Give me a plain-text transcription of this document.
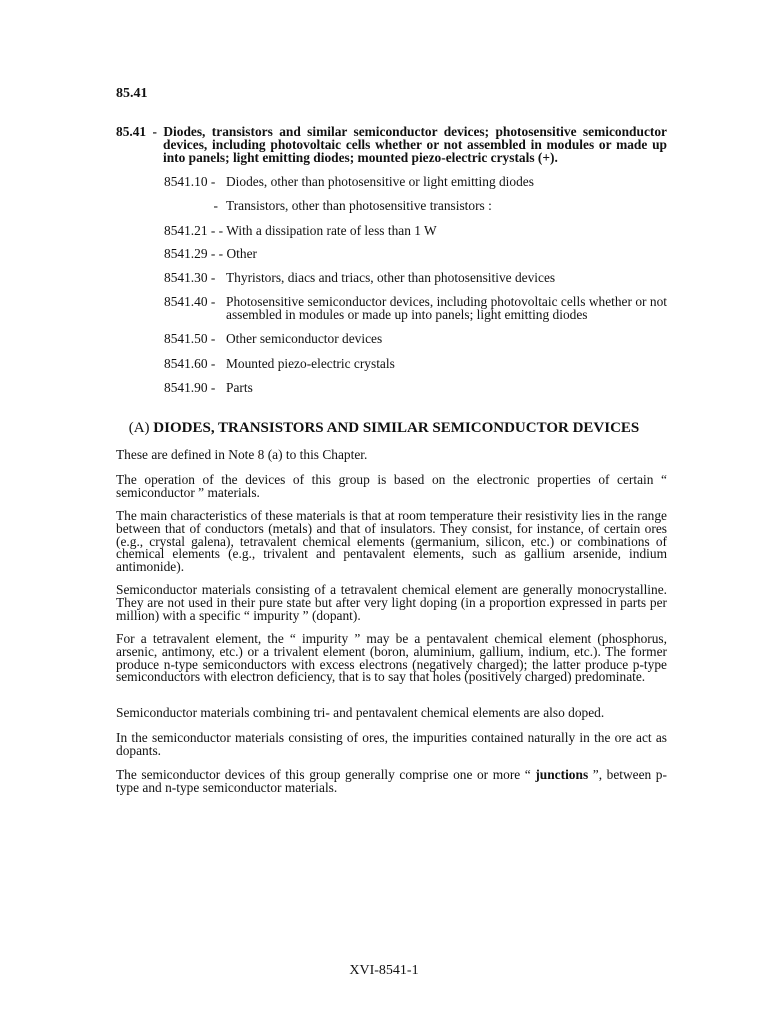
85.41
85.41 - Diodes, transistors and similar semiconductor devices; photosensitive semiconductor devices, including photovoltaic cells whether or not assembled in modules or made up into panels; light emitting diodes; mounted piezo-electric crystals (+).
8541.10 - Diodes, other than photosensitive or light emitting diodes
- Transistors, other than photosensitive transistors :
8541.21 - - With a dissipation rate of less than 1 W
8541.29 - - Other
8541.30 - Thyristors, diacs and triacs, other than photosensitive devices
8541.40 - Photosensitive semiconductor devices, including photovoltaic cells whether or not assembled in modules or made up into panels; light emitting diodes
8541.50 - Other semiconductor devices
8541.60 - Mounted piezo-electric crystals
8541.90 - Parts
(A) DIODES, TRANSISTORS AND SIMILAR SEMICONDUCTOR DEVICES
These are defined in Note 8 (a) to this Chapter.
The operation of the devices of this group is based on the electronic properties of certain “ semiconductor ” materials.
The main characteristics of these materials is that at room temperature their resistivity lies in the range between that of conductors (metals) and that of insulators. They consist, for instance, of certain ores (e.g., crystal galena), tetravalent chemical elements (germanium, silicon, etc.) or combinations of chemical elements (e.g., trivalent and pentavalent elements, such as gallium arsenide, indium antimonide).
Semiconductor materials consisting of a tetravalent chemical element are generally monocrystalline. They are not used in their pure state but after very light doping (in a proportion expressed in parts per million) with a specific “ impurity ” (dopant).
For a tetravalent element, the “ impurity ” may be a pentavalent chemical element (phosphorus, arsenic, antimony, etc.) or a trivalent element (boron, aluminium, gallium, indium, etc.). The former produce n-type semiconductors with excess electrons (negatively charged); the latter produce p-type semiconductors with electron deficiency, that is to say that holes (positively charged) predominate.
Semiconductor materials combining tri- and pentavalent chemical elements are also doped.
In the semiconductor materials consisting of ores, the impurities contained naturally in the ore act as dopants.
The semiconductor devices of this group generally comprise one or more “ junctions ”, between p-type and n-type semiconductor materials.
XVI-8541-1
